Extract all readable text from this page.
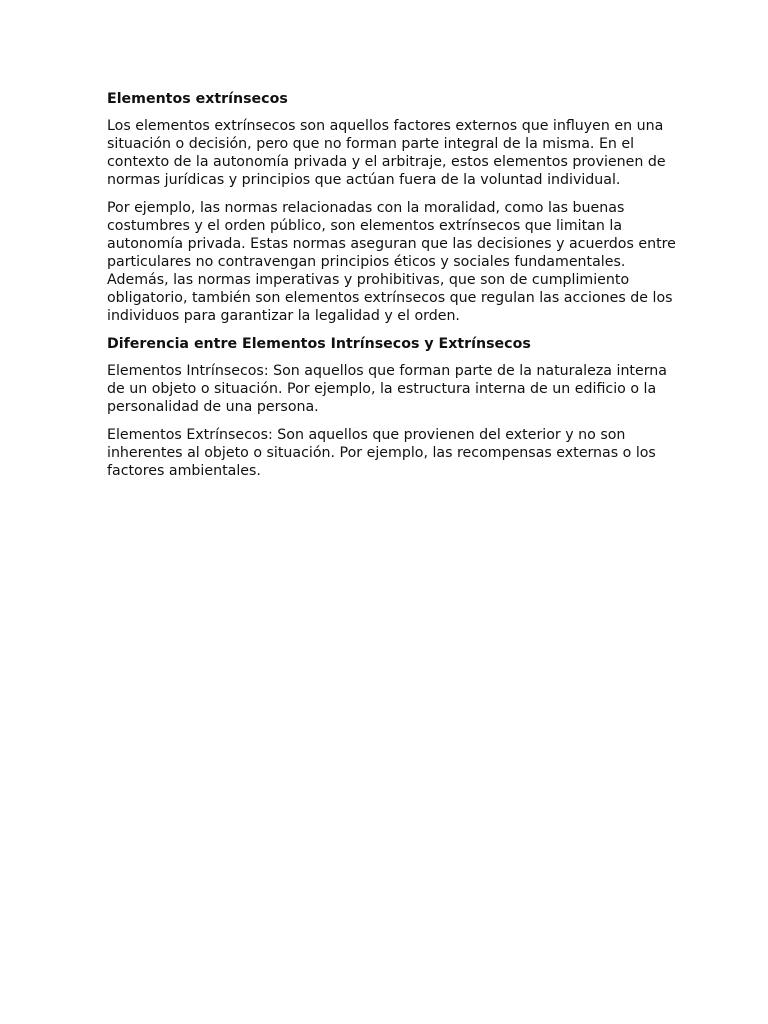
Elementos extrínsecos

Los elementos extrínsecos son aquellos factores externos que influyen en una
situación o decisión, pero que no forman parte integral de la misma. En el
contexto de la autonomía privada y el arbitraje, estos elementos provienen de
normas jurídicas y principios que actúan fuera de la voluntad individual.

Por ejemplo, las normas relacionadas con la moralidad, como las buenas
costumbres y el orden público, son elementos extrínsecos que limitan la
autonomía privada. Estas normas aseguran que las decisiones y acuerdos entre
particulares no contravengan principios éticos y sociales fundamentales.
Además, las normas imperativas y prohibitivas, que son de cumplimiento
obligatorio, también son elementos extrínsecos que regulan las acciones de los
individuos para garantizar la legalidad y el orden.

Diferencia entre Elementos Intrínsecos y Extrínsecos

Elementos Intrínsecos: Son aquellos que forman parte de la naturaleza interna
de un objeto o situación. Por ejemplo, la estructura interna de un edificio o la
personalidad de una persona.

Elementos Extrínsecos: Son aquellos que provienen del exterior y no son
inherentes al objeto o situación. Por ejemplo, las recompensas externas o los
factores ambientales.
